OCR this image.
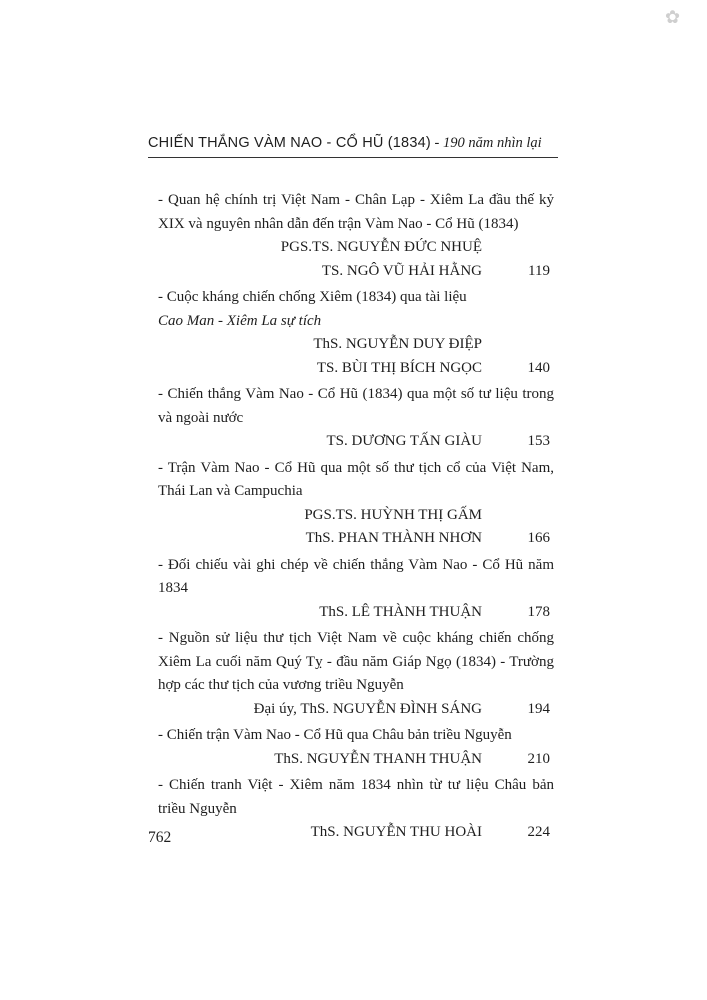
✿
CHIẾN THẮNG VÀM NAO - CỔ HŨ (1834) - 190 năm nhìn lại
- Quan hệ chính trị Việt Nam - Chân Lạp - Xiêm La đầu thế kỷ XIX và nguyên nhân dẫn đến trận Vàm Nao - Cổ Hũ (1834)
PGS.TS. NGUYỄN ĐỨC NHUỆ
TS. NGÔ VŨ HẢI HẰNG	119
- Cuộc kháng chiến chống Xiêm (1834) qua tài liệu
Cao Man - Xiêm La sự tích
ThS. NGUYỄN DUY ĐIỆP
TS. BÙI THỊ BÍCH NGỌC	140
- Chiến thắng Vàm Nao - Cổ Hũ (1834) qua một số tư liệu trong và ngoài nước
TS. DƯƠNG TẤN GIÀU	153
- Trận Vàm Nao - Cổ Hũ qua một số thư tịch cổ của Việt Nam, Thái Lan và Campuchia
PGS.TS. HUỲNH THỊ GẤM
ThS. PHAN THÀNH NHƠN	166
- Đối chiếu vài ghi chép về chiến thắng Vàm Nao - Cổ Hũ năm 1834
ThS. LÊ THÀNH THUẬN	178
- Nguồn sử liệu thư tịch Việt Nam về cuộc kháng chiến chống Xiêm La cuối năm Quý Tỵ - đầu năm Giáp Ngọ (1834) - Trường hợp các thư tịch của vương triều Nguyễn
Đại úy, ThS. NGUYỄN ĐÌNH SÁNG	194
- Chiến trận Vàm Nao - Cổ Hũ qua Châu bản triều Nguyễn
ThS. NGUYỄN THANH THUẬN	210
- Chiến tranh Việt - Xiêm năm 1834 nhìn từ tư liệu Châu bản triều Nguyễn
ThS. NGUYỄN THU HOÀI	224
762
